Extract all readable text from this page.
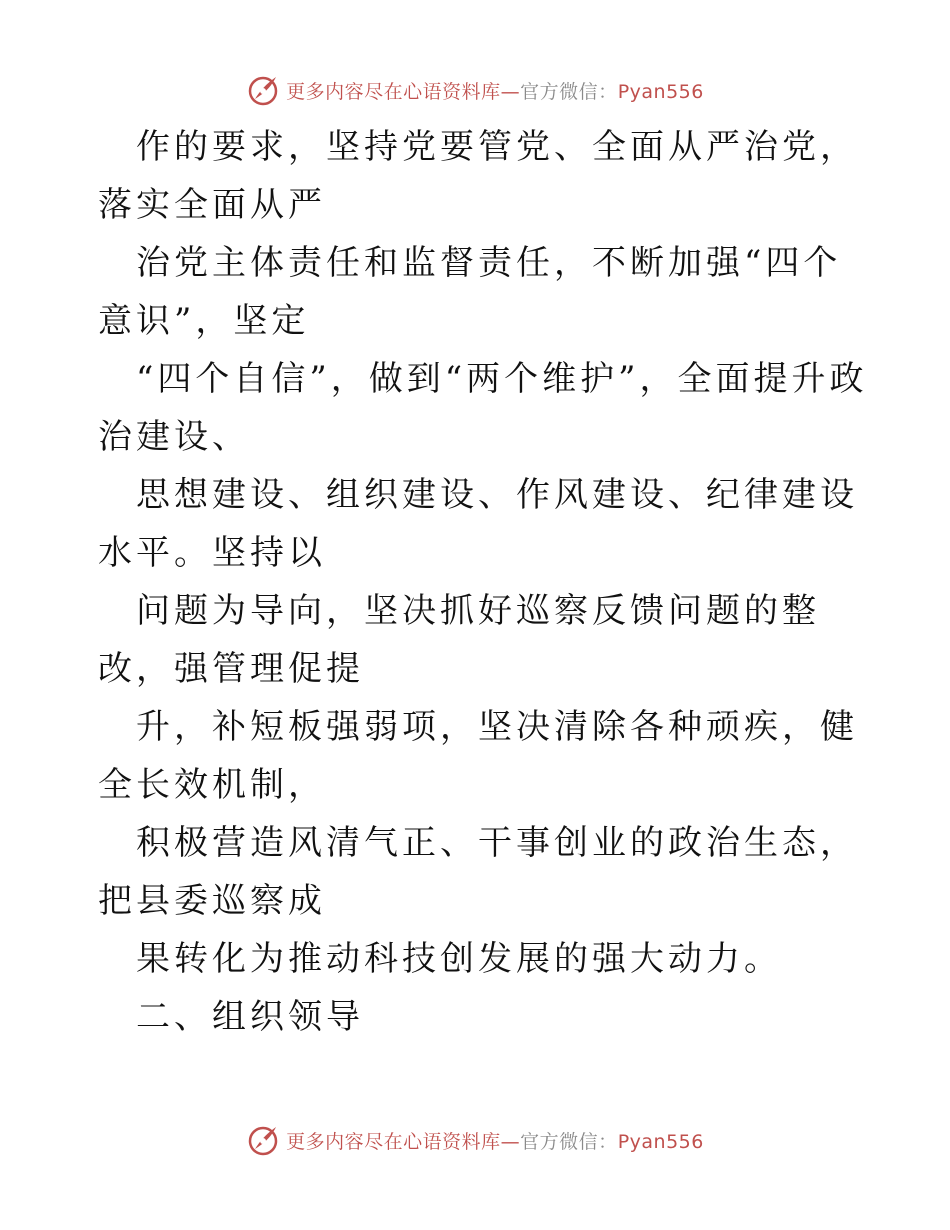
更多内容尽在心语资料库—官方微信：Pyan556

作的要求，坚持党要管党、全面从严治党，落实全面从严

治党主体责任和监督责任，不断加强“四个意识”，坚定

“四个自信”，做到“两个维护”，全面提升政治建设、

思想建设、组织建设、作风建设、纪律建设水平。坚持以

问题为导向，坚决抓好巡察反馈问题的整改，强管理促提

升，补短板强弱项，坚决清除各种顽疾，健全长效机制，

积极营造风清气正、干事创业的政治生态，把县委巡察成

果转化为推动科技创发展的强大动力。

二、组织领导

更多内容尽在心语资料库—官方微信：Pyan556
